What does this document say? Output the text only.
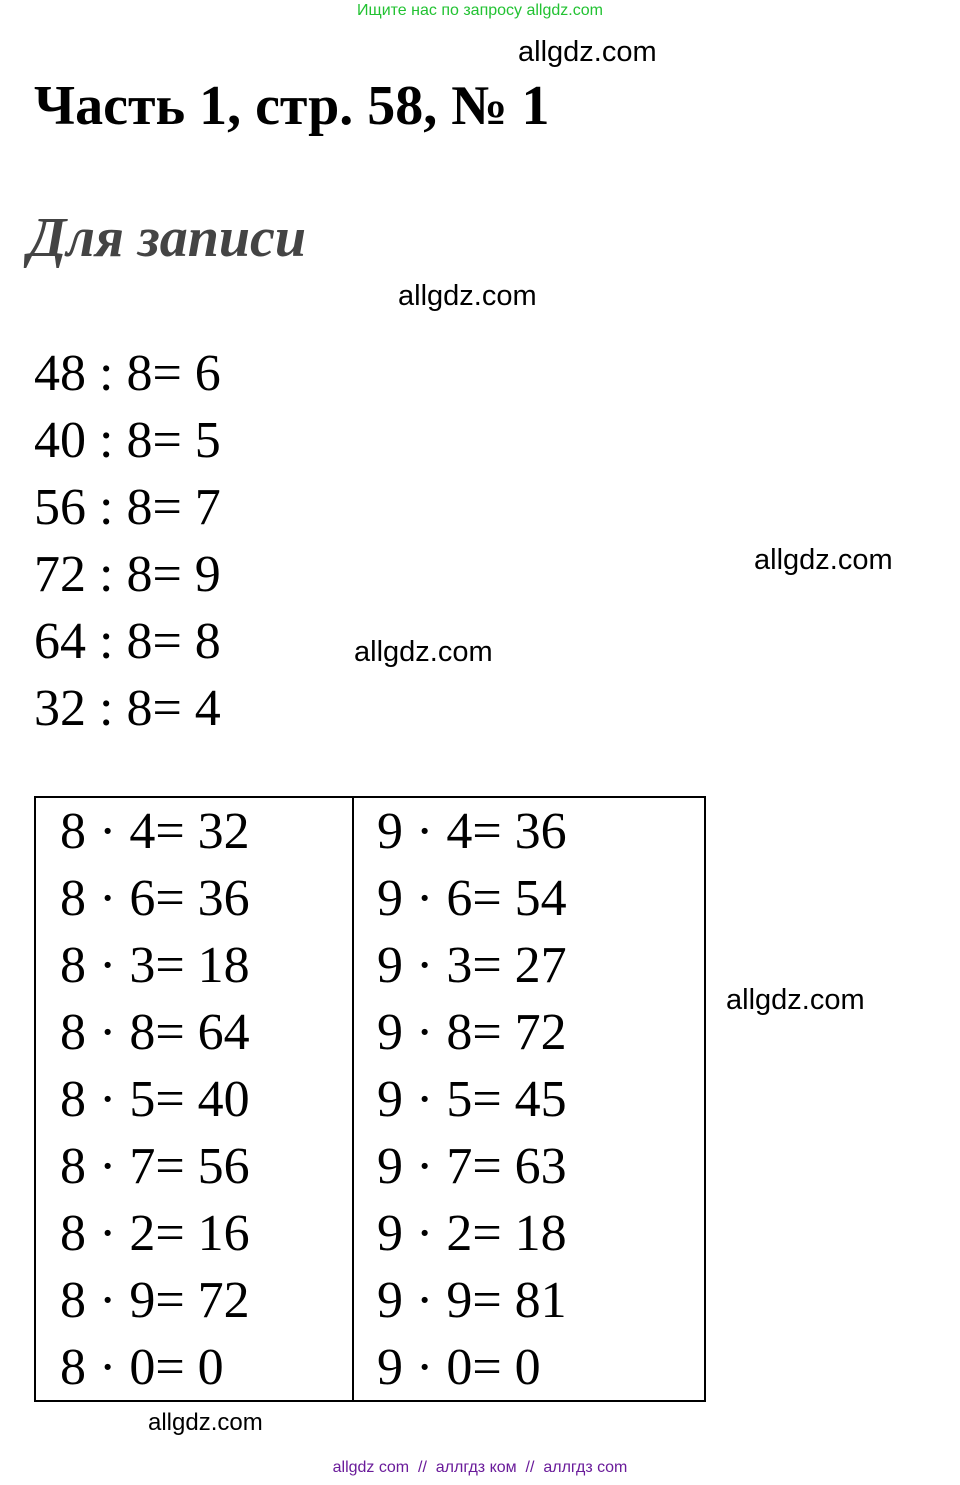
Ищите нас по запросу allgdz.com
allgdz.com
Часть 1, стр. 58, № 1
Для записи
allgdz.com
48 : 8= 6
40 : 8= 5
56 : 8= 7
72 : 8= 9
64 : 8= 8
32 : 8= 4
allgdz.com
allgdz.com
8 · 4= 32
8 · 6= 36
8 · 3= 18
8 · 8= 64
8 · 5= 40
8 · 7= 56
8 · 2= 16
8 · 9= 72
8 · 0= 0
9 · 4= 36
9 · 6= 54
9 · 3= 27
9 · 8= 72
9 · 5= 45
9 · 7= 63
9 · 2= 18
9 · 9= 81
9 · 0= 0
allgdz.com
allgdz.com
allgdz com  //  аллгдз ком  //  аллгдз com
